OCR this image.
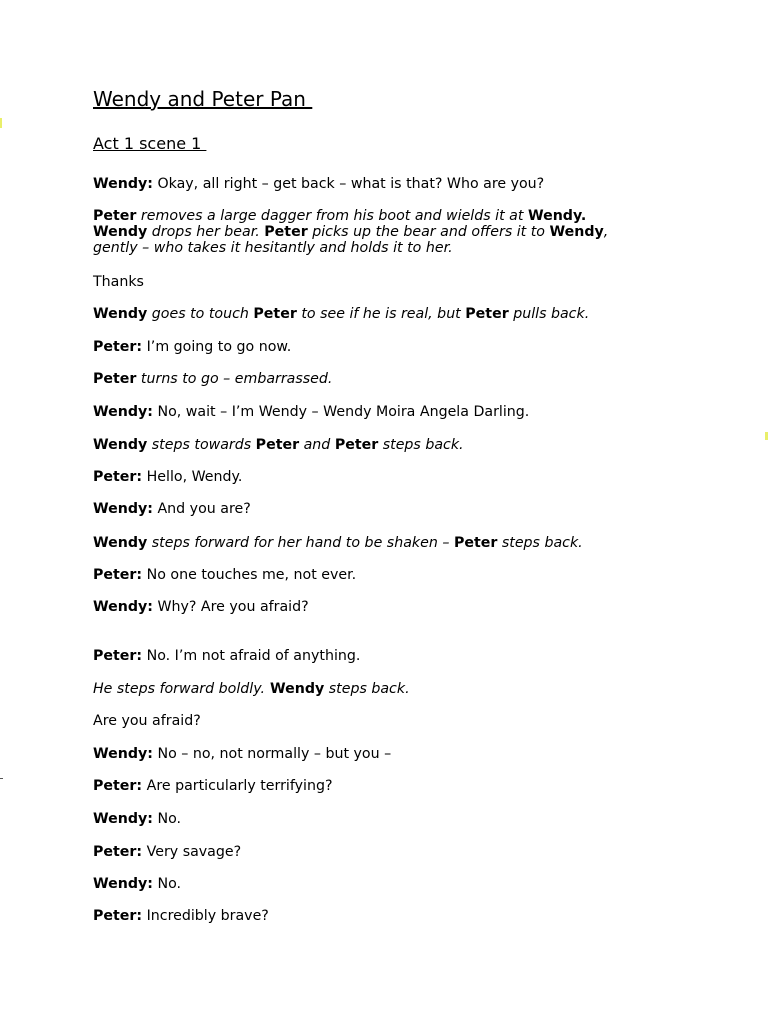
Wendy and Peter Pan
Act 1 scene 1
Wendy: Okay, all right – get back – what is that? Who are you?
Peter removes a large dagger from his boot and wields it at Wendy.
Wendy drops her bear. Peter picks up the bear and offers it to Wendy,
gently – who takes it hesitantly and holds it to her.
Thanks
Wendy goes to touch Peter to see if he is real, but Peter pulls back.
Peter: I’m going to go now.
Peter turns to go – embarrassed.
Wendy: No, wait – I’m Wendy – Wendy Moira Angela Darling.
Wendy steps towards Peter and Peter steps back.
Peter: Hello, Wendy.
Wendy: And you are?
Wendy steps forward for her hand to be shaken – Peter steps back.
Peter: No one touches me, not ever.
Wendy: Why? Are you afraid?
Peter: No. I’m not afraid of anything.
He steps forward boldly. Wendy steps back.
Are you afraid?
Wendy: No – no, not normally – but you –
Peter: Are particularly terrifying?
Wendy: No.
Peter: Very savage?
Wendy: No.
Peter: Incredibly brave?
